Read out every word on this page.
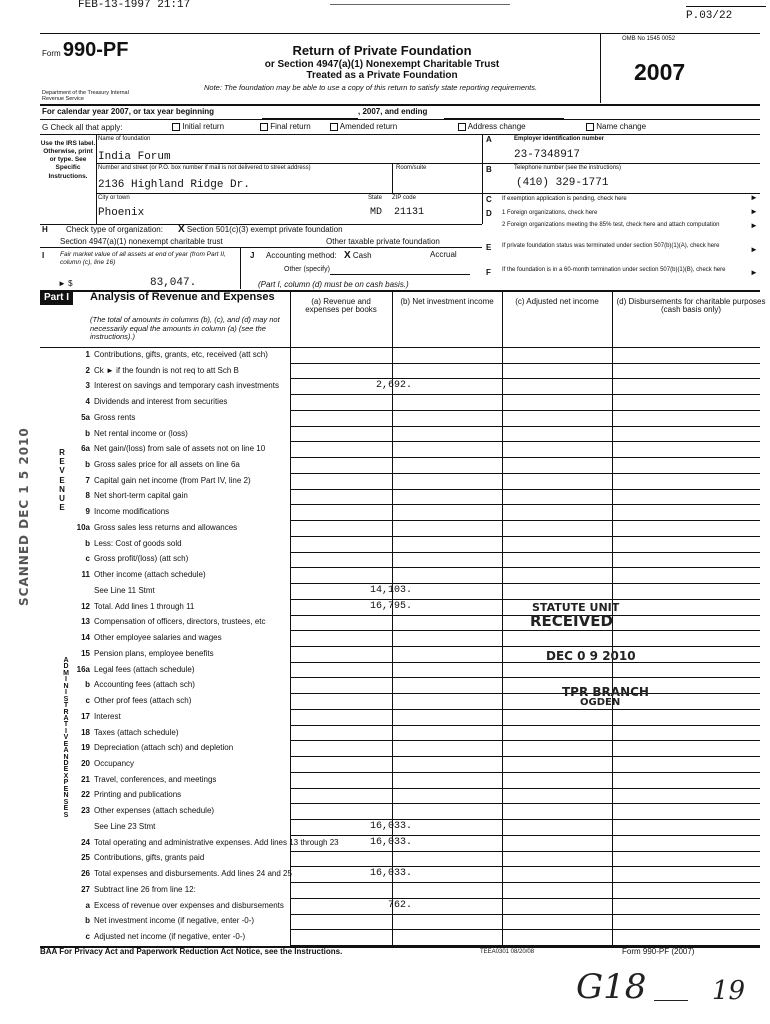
FEB-13-1997 21:17
P.03/22
Form 990-PF
Department of the Treasury Internal Revenue Service
Return of Private Foundation
or Section 4947(a)(1) Nonexempt Charitable Trust
Treated as a Private Foundation
Note: The foundation may be able to use a copy of this return to satisfy state reporting requirements.
OMB No 1545 0052
2007
For calendar year 2007, or tax year beginning	, 2007, and ending
G Check all that apply:	Initial return	Final return	Amended return	Address change	Name change
Use the IRS label. Otherwise, print or type. See Specific Instructions.
Name of foundation
India Forum
Number and street (or P.O. box number if mail is not delivered to street address)	Room/suite
2136 Highland Ridge Dr.
City or town	State ZIP code
Phoenix	MD 21131
A	Employer identification number
23-7348917
B	Telephone number (see the instructions)
(410) 329-1771
C If exemption application is pending, check here	►
D 1 Foreign organizations, check here	►
2 Foreign organizations meeting the 85% test, check here and attach computation	►
H Check type of organization: X Section 501(c)(3) exempt private foundation
Section 4947(a)(1) nonexempt charitable trust	Other taxable private foundation
E If private foundation status was terminated under section 507(b)(1)(A), check here	►
F If the foundation is in a 60-month termination under section 507(b)(1)(B), check here	►
I Fair market value of all assets at end of year (from Part II, column (c), line 16)
► $	83,047.
J Accounting method: X Cash	Accrual
Other (specify)
(Part I, column (d) must be on cash basis.)
Part I	Analysis of Revenue and Expenses
(The total of amounts in columns (b), (c), and (d) may not necessarily equal the amounts in column (a) (see the instructions).)
(a) Revenue and expenses per books
(b) Net investment income	(c) Adjusted net income	(d) Disbursements for charitable purposes (cash basis only)
R E V E N U E
A D M I N I S T R A T I V E A N D E X P E N S E S
1 Contributions, gifts, grants, etc, received (att sch)
2 Ck ► if the foundn is not req to att Sch B
3 Interest on savings and temporary cash investments	2,692.
4 Dividends and interest from securities
5a Gross rents
b Net rental income or (loss)
6a Net gain/(loss) from sale of assets not on line 10
b Gross sales price for all assets on line 6a
7 Capital gain net income (from Part IV, line 2)
8 Net short-term capital gain
9 Income modifications
10a Gross sales less returns and allowances
b Less: Cost of goods sold
c Gross profit/(loss) (att sch)
11 Other income (attach schedule)
See Line 11 Stmt	14,103.
12 Total. Add lines 1 through 11	16,795.
13 Compensation of officers, directors, trustees, etc
14 Other employee salaries and wages
15 Pension plans, employee benefits
16a Legal fees (attach schedule)
b Accounting fees (attach sch)
c Other prof fees (attach sch)
17 Interest
18 Taxes (attach schedule)
19 Depreciation (attach sch) and depletion
20 Occupancy
21 Travel, conferences, and meetings
22 Printing and publications
23 Other expenses (attach schedule)
See Line 23 Stmt	16,033.
24 Total operating and administrative expenses. Add lines 13 through 23	16,033.
25 Contributions, gifts, grants paid
26 Total expenses and disbursements. Add lines 24 and 25	16,033.
27 Subtract line 26 from line 12:
a Excess of revenue over expenses and disbursements	762.
b Net investment income (if negative, enter -0-)
c Adjusted net income (if negative, enter -0-)
STATUTE UNIT
RECEIVED
DEC 0 9 2010
TPR BRANCH
OGDEN
SCANNED DEC 1 5 2010
BAA For Privacy Act and Paperwork Reduction Act Notice, see the Instructions.	TEEA0301 08/20/08	Form 990-PF (2007)
G18	19
